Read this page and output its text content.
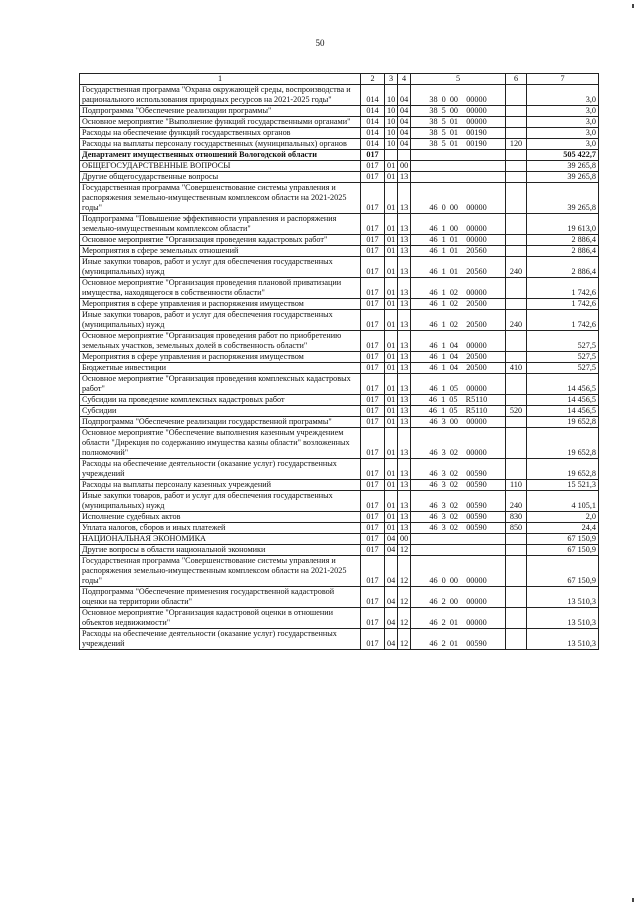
50
1	2	3	4	5	6	7
Государственная программа "Охрана окружающей среды, воспроизводства и рационального использования природных ресурсов на 2021-2025 годы"	014	10	04	38  0  00    00000		3,0
Подпрограмма "Обеспечение реализации программы"	014	10	04	38  5  00    00000		3,0
Основное мероприятие "Выполнение функций государственными органами"	014	10	04	38  5  01    00000		3,0
Расходы на обеспечение функций государственных органов	014	10	04	38  5  01    00190		3,0
Расходы на выплаты персоналу государственных (муниципальных) органов	014	10	04	38  5  01    00190	120	3,0
Департамент имущественных отношений Вологодской области	017					505 422,7
ОБЩЕГОСУДАРСТВЕННЫЕ ВОПРОСЫ	017	01	00			39 265,8
Другие общегосударственные вопросы	017	01	13			39 265,8
Государственная программа "Совершенствование системы управления и распоряжения земельно-имущественным комплексом области на 2021-2025 годы"	017	01	13	46  0  00    00000		39 265,8
Подпрограмма "Повышение эффективности управления и распоряжения земельно-имущественным комплексом области"	017	01	13	46  1  00    00000		19 613,0
Основное мероприятие "Организация проведения кадастровых работ"	017	01	13	46  1  01    00000		2 886,4
Мероприятия в сфере земельных отношений	017	01	13	46  1  01    20560		2 886,4
Иные закупки товаров, работ и услуг для обеспечения государственных (муниципальных) нужд	017	01	13	46  1  01    20560	240	2 886,4
Основное мероприятие "Организация проведения плановой приватизации имущества, находящегося в собственности области"	017	01	13	46  1  02    00000		1 742,6
Мероприятия в сфере управления и распоряжения имуществом	017	01	13	46  1  02    20500		1 742,6
Иные закупки товаров, работ и услуг для обеспечения государственных (муниципальных) нужд	017	01	13	46  1  02    20500	240	1 742,6
Основное мероприятие "Организация проведения работ по приобретению земельных участков, земельных долей в собственность области"	017	01	13	46  1  04    00000		527,5
Мероприятия в сфере управления и распоряжения имуществом	017	01	13	46  1  04    20500		527,5
Бюджетные инвестиции	017	01	13	46  1  04    20500	410	527,5
Основное мероприятие "Организация проведения комплексных кадастровых работ"	017	01	13	46  1  05    00000		14 456,5
Субсидии на проведение комплексных кадастровых работ	017	01	13	46  1  05    R5110		14 456,5
Субсидии	017	01	13	46  1  05    R5110	520	14 456,5
Подпрограмма "Обеспечение реализации государственной программы"	017	01	13	46  3  00    00000		19 652,8
Основное мероприятие "Обеспечение выполнения казенным учреждением области "Дирекция по содержанию имущества казны области" возложенных полномочий"	017	01	13	46  3  02    00000		19 652,8
Расходы на обеспечение деятельности (оказание услуг) государственных учреждений	017	01	13	46  3  02    00590		19 652,8
Расходы на выплаты персоналу казенных учреждений	017	01	13	46  3  02    00590	110	15 521,3
Иные закупки товаров, работ и услуг для обеспечения государственных (муниципальных) нужд	017	01	13	46  3  02    00590	240	4 105,1
Исполнение судебных актов	017	01	13	46  3  02    00590	830	2,0
Уплата налогов, сборов и иных платежей	017	01	13	46  3  02    00590	850	24,4
НАЦИОНАЛЬНАЯ ЭКОНОМИКА	017	04	00			67 150,9
Другие вопросы в области национальной экономики	017	04	12			67 150,9
Государственная программа "Совершенствование системы управления и распоряжения земельно-имущественным комплексом области на 2021-2025 годы"	017	04	12	46  0  00    00000		67 150,9
Подпрограмма "Обеспечение применения государственной кадастровой оценки на территории области"	017	04	12	46  2  00    00000		13 510,3
Основное мероприятие "Организация кадастровой оценки в отношении объектов недвижимости"	017	04	12	46  2  01    00000		13 510,3
Расходы на обеспечение деятельности (оказание услуг) государственных учреждений	017	04	12	46  2  01    00590		13 510,3
